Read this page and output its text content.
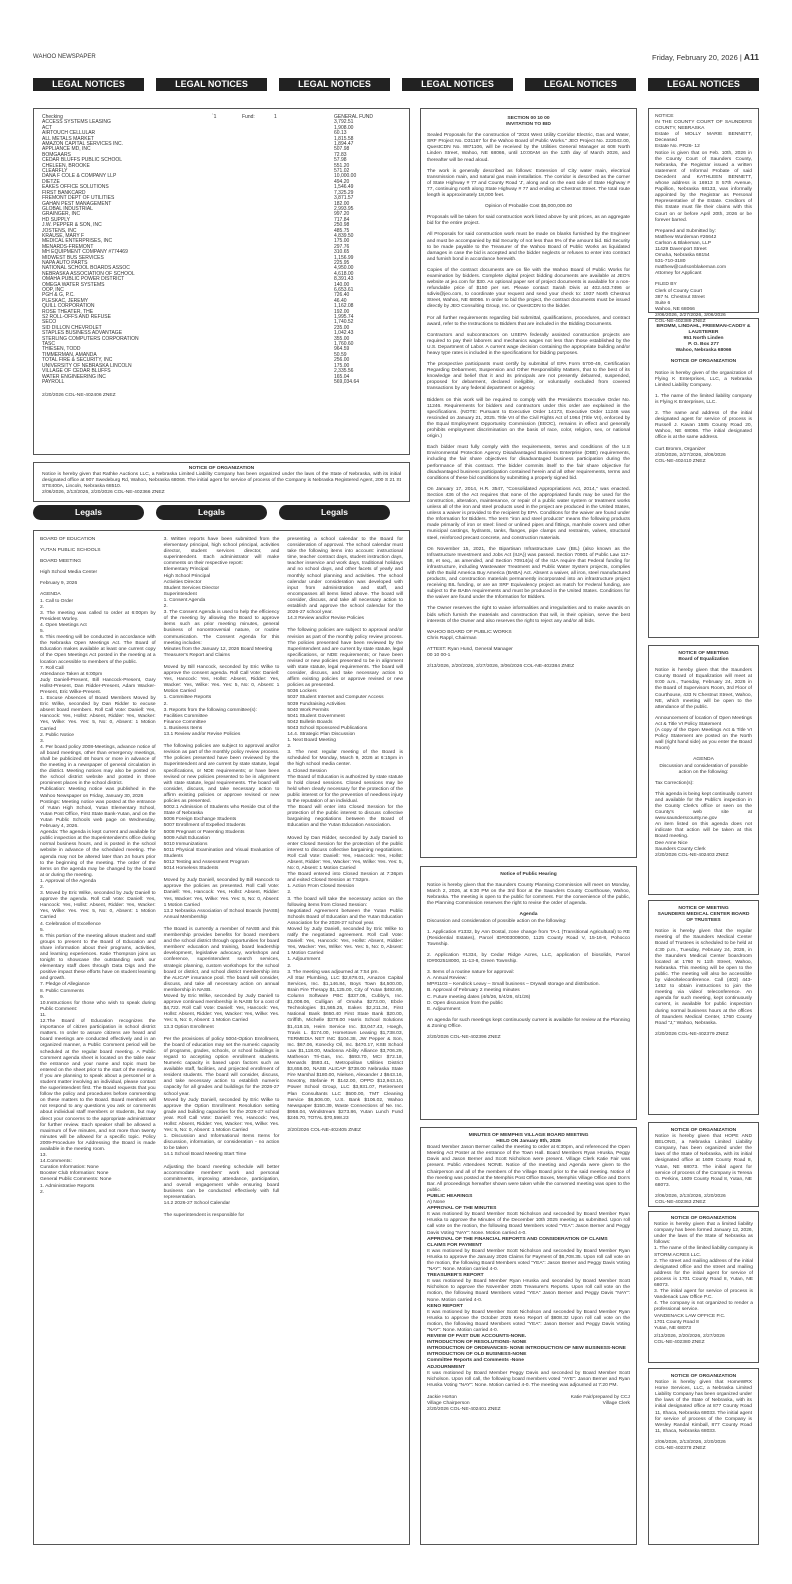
WAHOO NEWSPAPER	Friday, February 20, 2026 | A11
LEGAL NOTICES	LEGAL NOTICES	LEGAL NOTICES	LEGAL NOTICES	LEGAL NOTICES	LEGAL NOTICES
Checking
ACCESS SYSTEMS LEASING
ACT
AIRTOUCH CELLULAR
ALL METALS MARKET
AMAZON CAPITAL SERVICES INC.
APPLIANCE MD, INC
BOMGAARS
CEDAR BLUFFS PUBLIC SCHOOL
CHELEEN, BROOKE
CLEARFLY
DANA F COLE & COMPANY LLP
DIETZE
EAKES OFFICE SOLUTIONS
FIRST BANKCARD
FREMONT DEPT OF UTILITIES
GAHAN PEST MANAGEMENT
GLOBAL INDUSTRIAL
GRAINGER, INC
HD SUPPLY
J.W. PEPPER & SON, INC
JOSTENS, INC
KRAUSE, MARY F
MEDICAL ENTERPRISES, INC
MENARDS-FREMONT
MH EQUIPMENT COMPANY #774469
MIDWEST BUS SERVICES
NAPA AUTO PARTS
NATIONAL SCHOOL BOARDS ASSOC
NEBRASKA ASSOCIATION OF SCHOOL
OMAHA PUBLIC POWER DISTRICT
OMEGA WATER SYSTEMS
OOP, INC
PGH & G, P.C.
PLESKAC, JEREMY
QUILL CORPORATION
ROSE THEATER, THE
S2 ROLL-OFFS AND REFUSE
SECO
SID DILLON CHEVROLET
STAPLES BUSINESS ADVANTAGE
STERLING COMPUTERS CORPORATION
TASC
THIESEN, TODD
TIMMERMAN, AMANDA
TOTAL FIRE & SECURITY, INC
UNIVERSITY OF NEBRASKA LINCOLN
VILLAGE OF CEDAR BLUFFS
WATER ENGINEERING INC
PAYROLL
`1	Fund:	1	GENERAL FUND
3,792.51
1,908.00
60.13
1,815.58
1,894.47
507.98
72.83
57.98
551.20
571.02
10,000.00
494.20
1,546.49
7,325.29
3,871.57
182.00
2,993.95
997.20
717.84
250.98
485.75
4,839.50
175.00
297.76
310.65
1,156.99
225.95
4,950.00
4,618.00
8,391.43
140.00
6,653.61
726.40
46.40
1,162.08
192.00
1,995.74
1,740.52
235.00
1,042.43
355.00
1,760.60
964.59
50.59
256.00
175.00
2,335.56
165.04
569,034.64
2/20/2026 COL-NE-402406 ZNEZ
NOTICE OF ORGANIZATION
Notice is hereby given that Rathke Auctions LLC, a Nebraska Limited Liability Company has been organized under the laws of the State of Nebraska, with its initial designated office at 907 Swedeburg Rd, Wahoo, Nebraska 68066. The initial agent for service of process of the Company is Nebraska Registered Agent, 200 S 21 St STE400A, Lincoln, Nebraska 68510.
2/06/2026, 2/13/2026, 2/20/2026 COL-NE-402366 ZNEZ
Legals	Legals	Legals

BOARD OF EDUCATION

YUTAN PUBLIC SCHOOLS

BOARD MEETING

High School Media Center

February 9, 2026

AGENDA
1. Call to Order
2.
3. The meeting was called to order at 6:00pm by President Worley.
4. Open Meetings Act
5.
6. This meeting will be conducted in accordance with the Nebraska Open Meetings Act. The Board of Education makes available at least one current copy of the Open Meetings Act posted in the meeting at a location accessible to members of the public.
7. Roll Call
Attendance Taken at 6:00pm
Judy Daniell-Present, Bill Hancock-Present, Gary Hollst-Present, Dan Ridder-Present, Adam Wacker-Present, Eric Wilke-Present.
1. Excuse Absences of Board Members Moved by Eric Wilke, seconded by Dan Ridder to excuse absent board members. Roll Call Vote: Daniell: Yes, Hancock: Yes, Hollst: Absent, Ridder: Yes, Wacker: Yes, Wilke: Yes. Yes: 5, No: 0, Absent: 1 Motion Carried
2. Public Notice
3.
4. Per board policy 2008-Meetings, advance notice of all board meetings, other than emergency meetings, shall be publicized 48 hours or more in advance of the meeting in a newspaper of general circulation in the district. Meeting notices may also be posted on the school district website and posted in three prominent places in the school district.
Publication: Meeting notice was published in the Wahoo Newspaper on Friday, January 30, 2026
Postings: Meeting notice was posted at the entrance of Yutan High School, Yutan Elementary School, Yutan Post Office, First State Bank-Yutan, and on the Yutan Public Schools web page on Wednesday, February 4, 2026.
Agenda: The agenda is kept current and available for public inspection at the Superintendent's office during normal business hours, and is posted in the school website in advance of the scheduled meeting. The agenda may not be altered later than 24 hours prior to the beginning of the meeting. The order of the items on the agenda may be changed by the board at or during the meeting.
1. Approval of the Agenda
2.
3. Moved by Eric Wilke, seconded by Judy Daniell to approve the agenda. Roll Call Vote: Daniell: Yes, Hancock: Yes, Hollst: Absent, Ridder: Yes, Wacker: Yes, Wilke: Yes. Yes: 5, No: 0, Absent: 1 Motion Carried
4. Celebration of Excellence
5.
6. This portion of the meeting allows student and staff groups to present to the Board of Education and share information about their programs, activities, and learning experiences. Katie Thompson joins us tonight to showcase the outstanding work our elementary staff does through Data Digs and the positive impact these efforts have on student learning and growth.
7. Pledge of Allegiance
8. Public Comments
9.
10.Instructions for those who wish to speak during Public Comment:
11.
12.The Board of Education recognizes the importance of citizen participation in school district matters. In order to assure citizens are heard and board meetings are conducted effectively and in an organized manner, a Public Comment period will be scheduled at the regular board meeting. A Public Comment agenda sheet is located on the table near the entrance and your name and topic must be entered on the sheet prior to the start of the meeting. If you are planning to speak about a personnel or a student matter involving an individual, please contact the superintendent first. The Board requests that you follow the policy and procedures before commenting on these matters to the Board. Board members will not respond to any questions you ask or comments about individual staff members or students, but may direct your concerns to the appropriate administrator for further review. Each speaker shall be allowed a maximum of five minutes, and not more than twenty minutes will be allowed for a specific topic. Policy 2009-Procedure for Addressing the Board is made available in the meeting room.
13.
14.Comments:
Curation Information: None
Booster Club Information: None
General Public Comments: None
1. Administrative Reports
2.

3. Written reports have been submitted from the elementary principal, high school principal, activities director, student services director, and superintendent. Each administrator will make comments on their respective report:
Elementary Principal
High School Principal
Activities Director
Student Services Director
Superintendent
1. Consent Agenda
2.
3. The Consent Agenda is used to help the efficiency of the meeting by allowing the Board to approve items such as prior meeting minutes, general business of nonontroversial nature, or routine communication. The Consent Agenda for this meeting includes:
Minutes from the January 12, 2026 Board Meeting
Treasurer's Report and Claims

Moved by Bill Hancock, seconded by Eric Wilke to approve the consent agenda. Roll Call Vote: Daniell: Yes, Hancock: Yes, Hollst: Absent, Ridder: Yes, Wacker: Yes, Wilke: Yes. Yes: 5, No: 0, Absent: 1 Motion Carried
1. Committee Reports
2.
3. Reports from the following committee(s):
Facilities Committee
Finance Committee
1. Business Items
13.1 Review and/or Revise Policies

The following policies are subject to approval and/or revision as part of the monthly policy review process. The policies presented have been reviewed by the Superintendent and are current by state statute, legal specifications, or NDE requirements; or have been revised or new policies presented to be in alignment with state statute, legal requirements. The board will consider, discuss, and take necessary action to affirm existing policies or approve revised or new policies as presented.
5002.1 Admission of Students who Reside Out of the State of Nebraska
5006 Foreign Exchange Students
5007 Enrollment of Expelled Students
5008 Pregnant or Parenting Students
5009 Adult Education
5010 Immunizations
5011 Physical Examination and Visual Evaluation of Students
5012 Testing and Assessment Program
5014 Homeless Students

Moved by Judy Daniell, seconded by Bill Hancock to approve the policies as presented. Roll Call Vote: Daniell: Yes, Hancock: Yes, Hollst: Absent, Ridder: Yes, Wacker: Yes, Wilke: Yes. Yes: 5, No: 0, Absent: 1 Motion Carried
13.2 Nebraska Association of School Boards (NASB) Annual Membership

The Board is currently a member of NASB and this membership provides benefits for board members and the school district through opportunities for board members' education and training, board leadership development, legislative advocacy, workshops and conference, superintendent search services, strategic planning, custom workshops for the school board or district, and school district membership into the ALICAP insurance pool. The board will consider, discuss, and take all necessary action on annual membership in NASB.
Moved by Eric Wilke, seconded by Judy Daniell to approve continued membership in NASB for a cost of $4,722. Roll Call Vote: Daniell: Yes, Hancock: Yes, Hollst: Absent, Ridder: Yes, Wacker: Yes, Wilke: Yes. Yes: 5, No: 0, Absent: 1 Motion Carried
13.3 Option Enrollment

Per the provisions of policy 5004-Option Enrollment, the board of education may set the numeric capacity of programs, grades, schools, or school buildings in regard to accepting option enrollment students. Numeric capacity is based upon factors such as available staff, facilities, and projected enrollment of resident students. The board will consider, discuss, and take necessary action to establish numeric capacity for all grades and buildings for the 2026-27 school year.
Moved by Judy Daniell, seconded by Eric Wilke to approve the Option Enrollment Resolution setting grade and building capacities for the 2026-27 school year. Roll Call Vote: Daniell: Yes, Hancock: Yes, Hollst: Absent, Ridder: Yes, Wacker: Yes, Wilke: Yes. Yes: 5, No: 0, Absent: 1 Motion Carried
1. Discussion and Informational Items Items for discussion, information, or consideration - no action to be taken
14.1 School Board Meeting Start Time

Adjusting the board meeting schedule will better accommodate members' work and personal commitments, improving attendance, participation, and overall engagement while ensuring board business can be conducted effectively with full representation.
14.2 2026-27 School Calendar

The superintendent is responsible for

presenting a school calendar to the Board for consideration of approval. The school calendar must take the following items into account: instructional time, teacher contract days, student instruction days, teacher inservice and work days, traditional holidays and no school days, and other facets of yearly and monthly school planning and activities. The school calendar under consideration was developed with input from administration and staff, and encompasses all items listed above. The board will consider, discuss, and take all necessary action to establish and approve the school calendar for the 2026-27 school year.
14.3 Review and/or Revise Policies

The following policies are subject to approval and/or revision as part of the monthly policy review process. The policies presented have been reviewed by the Superintendent and are current by state statute, legal specifications, or NDE requirements; or have been revised or new policies presented to be in alignment with state statute, legal requirements. The board will consider, discuss, and take necessary action to affirm existing policies or approve revised or new policies as presented.
5036 Lockers
5037 Student Internet and Computer Access
5039 Fundraising Activities
5040 Work Permits
5041 Student Government
5042 Bulletin Boards
5043 School Sponsored Publications
14.4. Strategic Plan Discussion
1. Next Board Meeting
2.
3. The next regular meeting of the Board is scheduled for Monday, March 9, 2026 at 6:15pm in the high school media center.
4. Closed Session
The Board of Education is authorized by state statute to hold closed sessions. Closed sessions may be held when clearly necessary for the protection of the public interest or for the prevention of needless injury to the reputation of an individual.
The Board will enter into Closed Session for the protection of the public interest to discuss collective bargaining negotiations between the Board of Education and the Yutan Education Association.

Moved by Dan Ridder, seconded by Judy Daniell to enter Closed Session for the protection of the public interest to discuss collective bargaining negotiations. Roll Call Vote: Daniell: Yes, Hancock: Yes, Hollst: Absent, Ridder: Yes, Wacker: Yes, Wilke: Yes. Yes: 5, No: 0, Absent: 1 Motion Carried
The Board entered into Closed Session at 7:36pm and exited Closed Session at 7:52pm.
1. Action From Closed Session
2.
3. The board will take the necessary action on the following items from Closed Session:
Negotiated Agreement between the Yutan Public Schools Board of Education and the Yutan Education Association for the 2026-27 school year.
Moved by Judy Daniell, seconded by Eric Wilke to ratify the negotiated agreement. Roll Call Vote: Daniell: Yes, Hancock: Yes, Hollst: Absent, Ridder: Yes, Wacker: Yes, Wilke: Yes. Yes: 5, No: 0, Absent: 1 Motion Carried
1. Adjournment
2.
3. The meeting was adjourned at 7:54 pm.
All Star Plumbing, LLC $2,678.01, Amazon Capital Services, Inc. $1,146.84, Boys Town $4,500.00, Brain Fire Therapy $1,125.00, City of Yutan $492.69, Column Software PBC $337.05, Cubby's, Inc. $1,008.06, Culligan of Omaha $273.00, Ebcle Technologies $1,565.25, Eakes $2,211.34, First National Bank $650.40 First State Bank $20.00, Griffith, Michelle $378.00 Harris School Solutions $1,418.15, Heim Service Inc. $3,047.43, Hoegh, Travis L. $174.00, Hometown Leasing $1,738.03, TERMEDIA NET INC $104.38, JW Pepper & Son, Inc. $67.06, Konecky Oil, Inc. $470.17, KSB School Law $1,118.00, Madonna Ability Alliance $3,706.29, Matheson Tri-Gas, Inc. $693.70, MCI $72.18, Menards $593.41, Metropolitan Utilities District $3,658.00, NASB ALICAP $738.00 Nebraska State Fire Marshal $180.00, Nielsen, Alexander J $643.16, Novotny, Stefanie R $142.00, OPPD $12,943.10, Power School Group, LLC $3,931.07, Retirement Plan Consultants LLC $500.00, TMT Cleaning Service $6,506.00, U.S. Bank $106.02, Wahoo Newspaper $150.39, Waste Connections of Ne. Inc. $958.04, Windstream $273.86, Yutan Lunch Fund $246.70, TOTAL $70,598.23

2/20/2026 COL-NE-402405 ZNEZ

SECTION 00 10 00
INVITATION TO BID

Sealed Proposals for the construction of "2024 West Utility Corridor Electric, Gas and Water, SRF Project No. D31167 for the Wahoo Board of Public Works." JEO Project No. 222042.00, QuestCDN No. 8871106, will be received by the Utilities General Manager at 608 North Linden Street, Wahoo, NE 68066, until 10:00AM on the 12th day of March 2026, and thereafter will be read aloud.

The work is generally described as follows: Extension of City water main, electrical transmission main, and natural gas main installation. The corridor is described as the corner of State Highway # 77 and County Road 'J', along and on the east side of State Highway # 77, continuing north along State Highway # 77 and ending at Chestnut Street. The total route length is approximately 18,000 feet.

Opinion of Probable Cost $5,000,000.00

Proposals will be taken for said construction work listed above by unit prices, as an aggregate bid for the entire project.

All Proposals for said construction work must be made on blanks furnished by the Engineer and must be accompanied by Bid Security of not less than 5% of the amount bid. Bid Security to be made payable to the Treasurer of the Wahoo Board of Public Works as liquidated damages in case the bid is accepted and the bidder neglects or refuses to enter into contract and furnish bond in accordance herewith.

Copies of the contract documents are on file with the Wahoo Board of Public Works for examination by bidders. Complete digital project bidding documents are available at JEO's website at jeo.com for $30. An optional paper set of project documents is available for a non-refundable price of $150 per set. Please contact Sarah Divis at 402.443.7496 or sdivis@jeo.com, to coordinate your request and send your check to: 1937 North Chestnut Street, Wahoo, NE 68066. In order to bid the project, the contract documents must be issued directly by JEO Consulting Group, Inc. or QuestCDN to the bidder.

For all further requirements regarding bid submittal, qualifications, procedures, and contract award, refer to the Instructions to Bidders that are included in the Bidding Documents.

Contractors and subcontractors on USEPA federally assisted construction projects are required to pay their laborers and mechanics wages not less than those established by the U.S. Department of Labor. A current wage decision containing the appropriate building and/or heavy type rates is included in the specifications for bidding purposes.

The prospective participants must certify by submittal of EPA Form 5700-49, Certification Regarding Debarment, Suspension and Other Responsibility Matters, that to the best of its knowledge and belief that it and its principals are not presently debarred, suspended, proposed for debarment, declared ineligible, or voluntarily excluded from covered transactions by any federal department or agency.

Bidders on this work will be required to comply with the President's Executive Order No. 11246. Requirements for bidders and contractors under this order are explained in the specifications. (NOTE: Pursuant to Executive Order 14173, Executive Order 11246 was rescinded on January 21, 2025. Title VII of the Civil Rights Act of 1964 (Title VII), enforced by the Equal Employment Opportunity Commission (EEOC), remains in effect and generally prohibits employment discrimination on the basis of race, color, religion, sex, or national origin.)

Each bidder must fully comply with the requirements, terms and conditions of the U.S Environmental Protection Agency Disadvantaged Business Enterprise (DBE) requirements, including the fair share objectives for disadvantaged business participation during the performance of this contract. The bidder commits itself to the fair share objective for disadvantaged business participation contained herein and all other requirements, terms and conditions of these bid conditions by submitting a properly signed bid.

On January 17, 2014, H.R. 3547, "Consolidated Appropriations Act, 2014," was enacted. Section 436 of the Act requires that none of the appropriated funds may be used for the construction, alteration, maintenance, or repair of a public water system or treatment works unless all of the iron and steel products used in the project are produced in the United States, unless a waiver is provided to the recipient by EPA. Conditions for the waiver are found under the Information for Bidders. The term "iron and steel products" means the following products made primarily of iron or steel: lined or unlined pipes and fittings, manhole covers and other municipal castings, hydrants, tanks, flanges, pipe clamps and restraints, valves, structural steel, reinforced precast concrete, and construction materials.

On November 15, 2021, the Bipartisan Infrastructure Law (BIL) (also known as the Infrastructure Investment and Jobs Act (IIJA)) was passed. Section 70901 of Public Law 117-58, et seq., as amended, and Section 70914(a) of the IIJA require that Federal funding for infrastructure, including Wastewater Treatment and Public Water System projects, complies with the Build America Buy America (BABA) Act. Absent a waiver, all iron, steel manufactured products, and construction materials permanently incorporated into an infrastructure project receiving BIL funding, or are an SRF Equivalency project as match for Federal funding, are subject to the BABA requirements and must be produced in the United States. Conditions for the waiver are found under the Information for Bidders.

The Owner reserves the right to waive informalities and irregularities and to make awards on bids which furnish the materials and construction that will, in their opinion, serve the best interests of the Owner and also reserves the right to reject any and/or all bids.

WAHOO BOARD OF PUBLIC WORKS
Chris Rappl, Chairman

ATTEST: Ryan Hund, General Manager
00 10 00-1

2/13/2026, 2/20/2026, 2/27/2026, 3/06/2026 COL-NE-402384 ZNEZ

Notice of Public Hearing

Notice is hereby given that the Saunders County Planning Commission will meet on Monday, March 2, 2026, at 6:30 PM on the 3rd floor at the Saunders County Courthouse, Wahoo, Nebraska. The meeting is open to the public for comment. For the convenience of the public, the Planning Commission reserves the right to revise the order of agenda.

Agenda

Discussion and consideration of possible action on the following:

1. Application #1332, by Ann Dostal, zone change from TA-1 (Transitional Agricultural) to RE (Residential Estates), Parcel ID#003009000, 1125 County Road V, 15-16-8, Pohocco Township.

2. Application #1334, by Cedar Ridge Acres, LLC, application of biosolids, Parcel ID#002518000, 11-13-8, Green Township.

3. Items of a routine nature for approval:
A. Annual Review:
MP#1103 – Kendrick Leavy – Small business – Drywall storage and distribution.
B. Approval of February 2 meeting minutes
C. Future meeting dates (4/6/26, 5/4/26, 6/1/26)
D. Open discussion from the public
E. Adjournment

An agenda for such meetings kept continuously current is available for review at the Planning & Zoning Office.

2/20/2026 COL-NE-402396 ZNEZ
MINUTES OF MEMPHIS VILLAGE BOARD MEETING
HELD ON January 8th, 2026
Board Member Jason Berner called the meeting to order at 6:30pm, and referenced the Open Meeting Act Poster at the entrance of the Town Hall. Board Members Ryan Hruska, Peggy Davis and Jason Berner and Scott Nicholson were present. Village Clerk Katie Fair was present. Public Attendees NONE. Notice of the meeting and Agenda were given to the Chairperson and all of the members of the Village Board prior to the said meeting. Notice of the meeting was posted at the Memphis Post Office Boxes, Memphis Village Office and Don's Bar. All proceedings hereafter shown were taken while the convened meeting was open to the public.
PUBLIC HEARINGS
A) None
APPROVAL OF THE MINUTES
It was motioned by Board Member Scott Nicholson and seconded by Board Member Ryan Hruska to approve the Minutes of the December 10th 2025 meeting as submitted. Upon roll call vote on the motion, the following Board Members voted "YEA": Jason Berner and Peggy Davis Voting "NAY": None. Motion carried 4-0.
APPROVAL OF THE FINANCIAL REPORTS AND CONSIDERATION OF CLAIMS
CLAIMS FOR PAYMENT
It was motioned by Board Member Scott Nicholson and seconded by Board Member Ryan Hruska to approve the January 2026 Claims for Payment of $6,708.35. Upon roll call vote on the motion, the following Board Members voted "YEA": Jason Berner and Peggy Davis Voting "NAY": None. Motion carried 4-0.
TREASURER'S REPORT
It was motioned by Board Member Ryan Hruska and seconded by Board Member Scott Nicholson to approve the November 2025 Treasurer's Reports. Upon roll call vote on the motion, the following Board Members voted "YEA" Jason Berner and Peggy Davis "NAY": None. Motion carried 4-0.
KENO REPORT
It was motioned by Board Member Scott Nicholson and seconded by Board Member Ryan Hruska to approve the October 2025 Keno Report of $808.32 Upon roll call vote on the motion, the following Board Members voted "YEA": Jason Berner and Peggy Davis Voting "NAY": None. Motion carried 4-0.
REVIEW OF PAST DUE ACCOUNTS-NONE.
INTRODUCTION OF RESOLUTIONS- NONE
INTRODUCTION OF ORDINANCES- NONE INTRODUCTION OF NEW BUSINESS-NONE
INTRODUCTION OF OLD BUSINESS-NONE
Committee Reports and Comments -None
ADJOURNMENT
It was motioned by Board Member Peggy Davis and seconded by Board Member Scott Nicholson. Upon roll call, the following board members voted "AYE": Jason Berner and Ryan Hruska Voting "NAY": None. Motion carried 4-0. The meeting was adjourned at 7:20 PM.
Jackie Horton
Village Chairperson
Katie Fair/prepared by CCJ
Village Clerk
2/20/2026 COL-NE-402401 ZNEZ

NOTICE
IN THE COUNTY COURT OF SAUNDERS COUNTY, NEBRASKA
Estate of MOLLY MARIE BENNETT, Deceased
Estate No. PR26- 12
Notice is given that on Feb. 10th, 2026 in the County Court of Saunders County, Nebraska, the Registrar issued a written statement of Informal Probate of said Decedent and KATHLEEN BENNETT, whose address is 16913 S 57th Avenue, Papillion, Nebraska 68133, was informally appointed by the Registrar as Personal Representative of the Estate. Creditors of this Estate must file their claims with this Court on or before April 20th, 2026 or be forever barred.

Prepared and Submitted by:
Matthew Wurdeman #26642
Carlson & Blakeman, LLP
11429 Davenport Street
Omaha, Nebraska 68154
531-710-3180
matthew@carlsonblakeman.com
Attorney for Applicant

FILED BY
Clerk of County Court
387 N. Chestnut Street
Suite 6
Wahoo, NE 68066
2/06/2026, 2/27/2026, 3/06/2026
COL-NE-402389 ZNEZ

BROMM, LINDAHL, FREEMAN-CADDY & LAUSTERER
951 North Linden
P. O. Box 277
Wahoo, Nebraska 68066

NOTICE OF ORGANIZATION

Notice is hereby given of the organization of Flying K Enterprises, LLC, a Nebraska Limited Liability Company.

1. The name of the limited liability company is Flying K Enterprises, LLC.

2. The name and address of the initial designated agent for service of process is Russell J. Kavan 1585 County Road 20, Wahoo, NE 68066. The initial designated office is at the same address.

Curt Bromm, Organizer
2/20/2026, 2/27/2026, 3/06/2026
COL-NE-402410 ZNEZ

NOTICE OF MEETING

Board of Equalization

Notice is hereby given that the Saunders County Board of Equalization will meet at 9:00 a.m., Tuesday, February 24, 2026 in the Board of Supervisors Room, 3rd Floor of Courthouse, 433 N Chestnut Street, Wahoo, NE, which meeting will be open to the attendance of the public.

Announcement of location of Open Meetings Act & Title VI Policy Statement
(A copy of the Open Meetings Act & Title VI Policy Statement are posted on the North wall (right hand side) as you enter the Board Room)

AGENDA
Discussion and consideration of possible action on the following:

Tax Correction(s):

This agenda is being kept continually current and available for the Public's inspection in the County Clerk's office or seen on the County's web site at www.saunderscounty.ne.gov
An item listed on this agenda does not indicate that action will be taken at this Board meeting.
Dee Anne Nice
Saunders County Clerk
2/20/2026 COL-NE-402403 ZNEZ

NOTICE OF MEETING

SAUNDERS MEDICAL CENTER BOARD OF TRUSTEES

Notice is hereby given that the regular meeting of the Saunders Medical Center Board of Trustees is scheduled to be held at 4:30 p.m., Tuesday, February 24, 2026, in the Saunders Medical Center boardroom located at 1760 N 11th Street, Wahoo, Nebraska. This meeting will be open to the public. The meeting will also be accessible by video/teleconference. Call (402) 443-1452 to obtain instructions to join the meeting via video/ teleconference. An agenda for such meeting, kept continuously current, is available for public inspection during normal business hours at the offices of Saunders Medical Center, 1760 County Road "J," Wahoo, Nebraska.

2/20/2026 COL-NE-402379 ZNEZ
NOTICE OF ORGANIZATION

Notice is hereby given that HOPE AND BELONG, a Nebraska Limited Liability Company, has been organized under the laws of the State of Nebraska, with its initial designated office at 1609 County Road 8, Yutan, NE 68073. The initial agent for service of process of the Company is Teresa G. Perkins, 1609 County Road 8, Yutan, NE 68073.

2/06/2026, 2/13/2026, 2/20/2026
COL-NE-402363 ZNEZ
NOTICE OF ORGANIZATION

Notice is hereby given that a limited liability company has been formed January 12, 2026, under the laws of the State of Nebraska as follows:
1. The name of the limited liability company is STORM ACRES LLC.
2. The street and mailing address of the initial designated office and the street and mailing address for the initial agent for service of process is 1701 County Road 8, Yutan, NE 68073.
3. The initial agent for service of process is Vandenack Law Office P.C.
4. The company is not organized to render a professional service.
VANDENACK LAW OFFICE P.C.
1701 County Road 8
Yutan, NE 68073

2/13/2026, 2/20/2026, 2/27/2026
COL-NE-402380 ZNEZ
NOTICE OF ORGANIZATION

Notice is hereby given that HomeWRX Home Services, LLC, a Nebraska Limited Liability Company has been organized under the laws of the State of Nebraska, with its initial designated office at 877 County Road 11, Ithaca, Nebraska 68033. The initial agent for service of process of the Company is Wesley Randal Kimball, 877 County Road 11, Ithaca, Nebraska 68033.

2/06/2026, 2/13/2026, 2/20/2026
COL-NE-402378 ZNEZ
